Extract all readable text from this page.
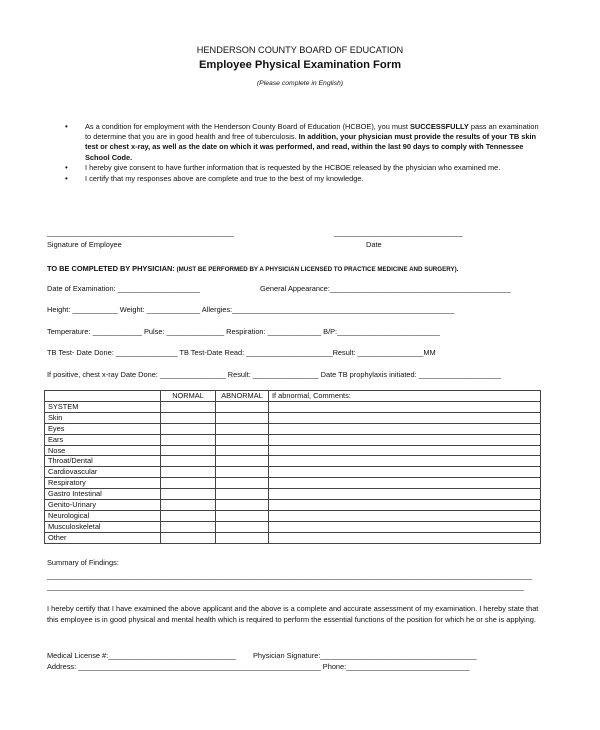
HENDERSON COUNTY BOARD OF EDUCATION
Employee Physical Examination Form
(Please complete in English)
• As a condition for employment with the Henderson County Board of Education (HCBOE), you must SUCCESSFULLY pass an examination to determine that you are in good health and free of tuberculosis. In addition, your physician must provide the results of your TB skin test or chest x-ray, as well as the date on which it was performed, and read, within the last 90 days to comply with Tennessee School Code.
• I hereby give consent to have further information that is requested by the HCBOE released by the physician who examined me.
• I certify that my responses above are complete and true to the best of my knowledge.
________________________________________________	_________________________________
Signature of Employee	Date
TO BE COMPLETED BY PHYSICIAN: (MUST BE PERFORMED BY A PHYSICIAN LICENSED TO PRACTICE MEDICINE AND SURGERY).
Date of Examination: ____________________	General Appearance:____________________________________________
Height: ___________ Weight: _____________ Allergies:______________________________________________________
Temperature: ____________ Pulse: ______________ Respiration: _____________ B/P:_________________________
TB Test- Date Done: _______________ TB Test-Date Read: _____________________Result: ________________MM
If positive, chest x-ray Date Done: ________________ Result: ________________ Date TB prophylaxis initiated: ____________________
	NORMAL	ABNORMAL	If abnormal, Comments:
SYSTEM			
Skin			
Eyes			
Ears			
Nose			
Throat/Dental			
Cardiovascular			
Respiratory			
Gastro Intestinal			
Genito-Urinary			
Neurological			
Musculoskeletal			
Other			
Summary of Findings:
______________________________________________________________________________________________________________________
____________________________________________________________________________________________________________________
I hereby certify that I have examined the above applicant and the above is a complete and accurate assessment of my examination. I hereby state that this employee is in good physical and mental health which is required to perform the essential functions of the position for which he or she is applying.
Medical License #:_______________________________ Physician Signature:______________________________________
Address: ___________________________________________________________ Phone:______________________________
